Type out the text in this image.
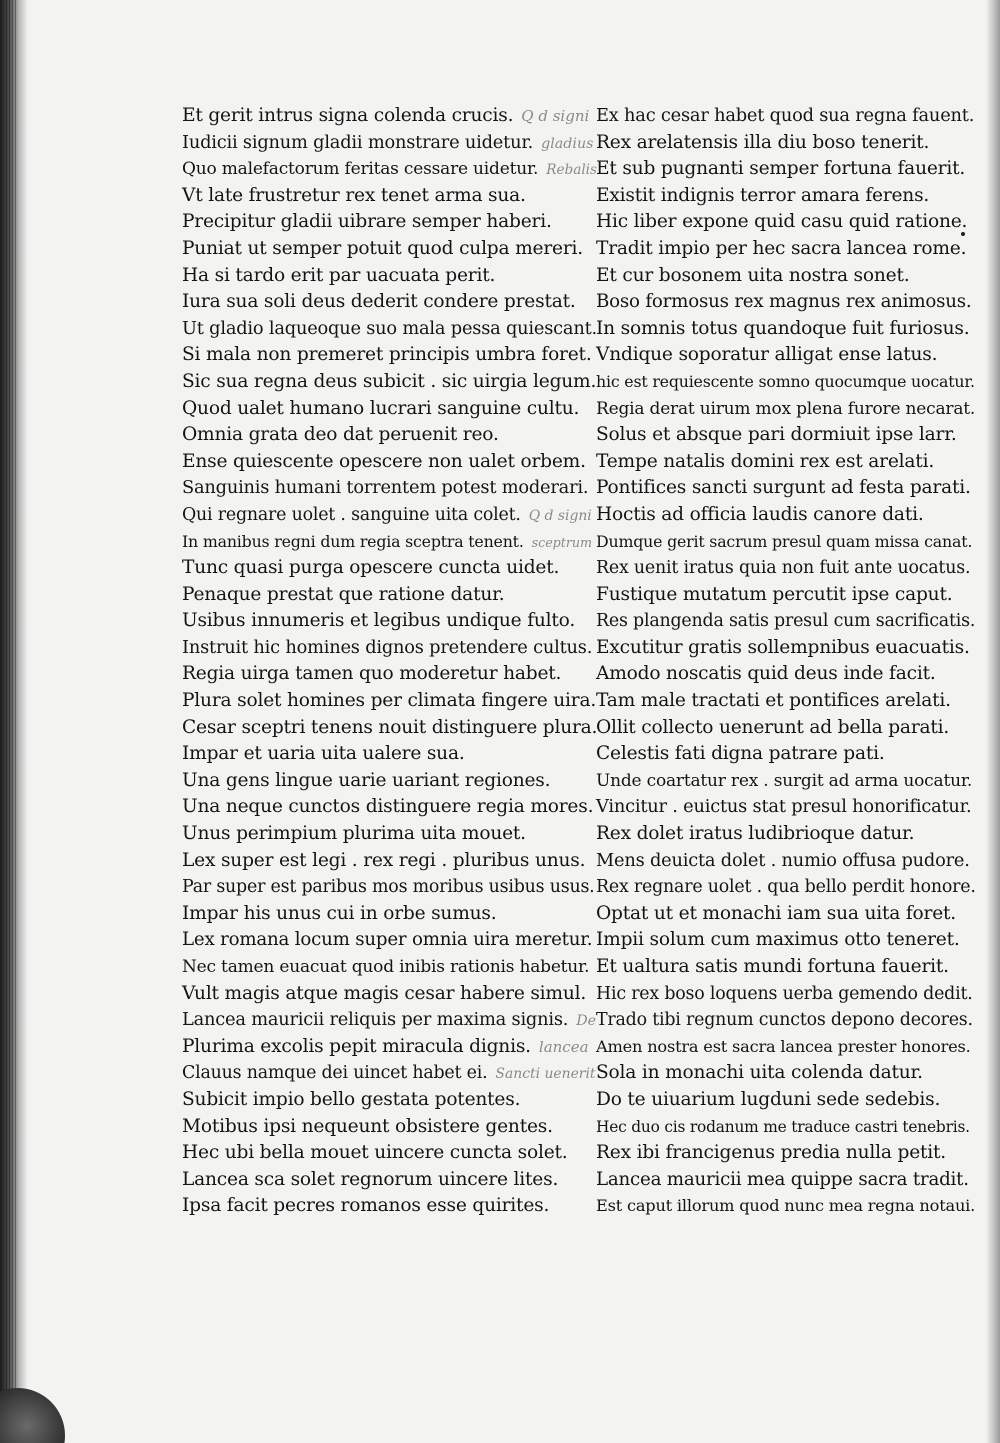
Et gerit intrus signa colenda crucis. Q d signi
Iudicii signum gladii monstrare uidetur. gladius
Quo malefactorum feritas cessare uidetur. Rebalis
Vt late frustretur rex tenet arma sua.
Precipitur gladii uibrare semper haberi.
Puniat ut semper potuit quod culpa mereri.
Ha si tardo erit par uacuata perit.
Iura sua soli deus dederit condere prestat.
Ut gladio laqueoque suo mala pessa quiescant.
Si mala non premeret principis umbra foret.
Sic sua regna deus subicit . sic uirgia legum.
Quod ualet humano lucrari sanguine cultu.
Omnia grata deo dat peruenit reo.
Ense quiescente opescere non ualet orbem.
Sanguinis humani torrentem potest moderari.
Qui regnare uolet . sanguine uita colet. Q d signi
In manibus regni dum regia sceptra tenent. sceptrum
Tunc quasi purga opescere cuncta uidet.
Penaque prestat que ratione datur.
Usibus innumeris et legibus undique fulto.
Instruit hic homines dignos pretendere cultus.
Regia uirga tamen quo moderetur habet.
Plura solet homines per climata fingere uira.
Cesar sceptri tenens nouit distinguere plura.
Impar et uaria uita ualere sua.
Una gens lingue uarie uariant regiones.
Una neque cunctos distinguere regia mores.
Unus perimpium plurima uita mouet.
Lex super est legi . rex regi . pluribus unus.
Par super est paribus mos moribus usibus usus.
Impar his unus cui in orbe sumus.
Lex romana locum super omnia uira meretur.
Nec tamen euacuat quod inibis rationis habetur.
Vult magis atque magis cesar habere simul.
Lancea mauricii reliquis per maxima signis. De
Plurima excolis pepit miracula dignis. lancea
Clauus namque dei uincet habet ei. Sancti uenerit
Subicit impio bello gestata potentes.
Motibus ipsi nequeunt obsistere gentes.
Hec ubi bella mouet uincere cuncta solet.
Lancea sca solet regnorum uincere lites.
Ipsa facit pecres romanos esse quirites.
Ex hac cesar habet quod sua regna fauent.
Rex arelatensis illa diu boso tenerit.
Et sub pugnanti semper fortuna fauerit.
Existit indignis terror amara ferens.
Hic liber expone quid casu quid ratione.
Tradit impio per hec sacra lancea rome.
Et cur bosonem uita nostra sonet.
Boso formosus rex magnus rex animosus.
In somnis totus quandoque fuit furiosus.
Vndique soporatur alligat ense latus.
hic est requiescente somno quocumque uocatur.
Regia derat uirum mox plena furore necarat.
Solus et absque pari dormiuit ipse larr.
Tempe natalis domini rex est arelati.
Pontifices sancti surgunt ad festa parati.
Hoctis ad officia laudis canore dati.
Dumque gerit sacrum presul quam missa canat.
Rex uenit iratus quia non fuit ante uocatus.
Fustique mutatum percutit ipse caput.
Res plangenda satis presul cum sacrificatis.
Excutitur gratis sollempnibus euacuatis.
Amodo noscatis quid deus inde facit.
Tam male tractati et pontifices arelati.
Ollit collecto uenerunt ad bella parati.
Celestis fati digna patrare pati.
Unde coartatur rex . surgit ad arma uocatur.
Vincitur . euictus stat presul honorificatur.
Rex dolet iratus ludibrioque datur.
Mens deuicta dolet . numio offusa pudore.
Rex regnare uolet . qua bello perdit honore.
Optat ut et monachi iam sua uita foret.
Impii solum cum maximus otto teneret.
Et ualtura satis mundi fortuna fauerit.
Hic rex boso loquens uerba gemendo dedit.
Trado tibi regnum cunctos depono decores.
Amen nostra est sacra lancea prester honores.
Sola in monachi uita colenda datur.
Do te uiuarium lugduni sede sedebis.
Hec duo cis rodanum me traduce castri tenebris.
Rex ibi francigenus predia nulla petit.
Lancea mauricii mea quippe sacra tradit.
Est caput illorum quod nunc mea regna notaui.
